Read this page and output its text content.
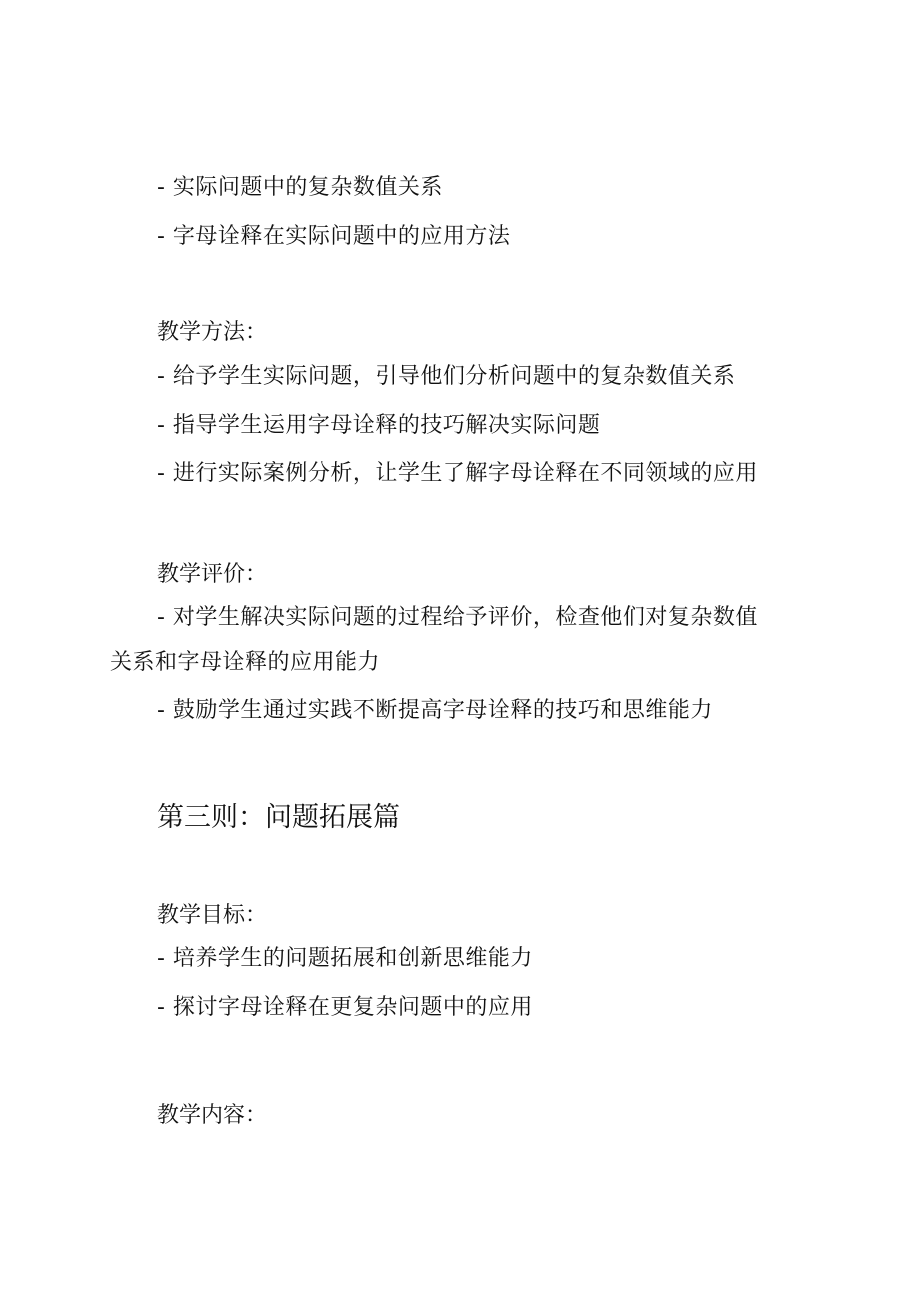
- 实际问题中的复杂数值关系
- 字母诠释在实际问题中的应用方法
教学方法：
- 给予学生实际问题，引导他们分析问题中的复杂数值关系
- 指导学生运用字母诠释的技巧解决实际问题
- 进行实际案例分析，让学生了解字母诠释在不同领域的应用
教学评价：
- 对学生解决实际问题的过程给予评价，检查他们对复杂数值
关系和字母诠释的应用能力
- 鼓励学生通过实践不断提高字母诠释的技巧和思维能力
第三则：问题拓展篇
教学目标：
- 培养学生的问题拓展和创新思维能力
- 探讨字母诠释在更复杂问题中的应用
教学内容：
